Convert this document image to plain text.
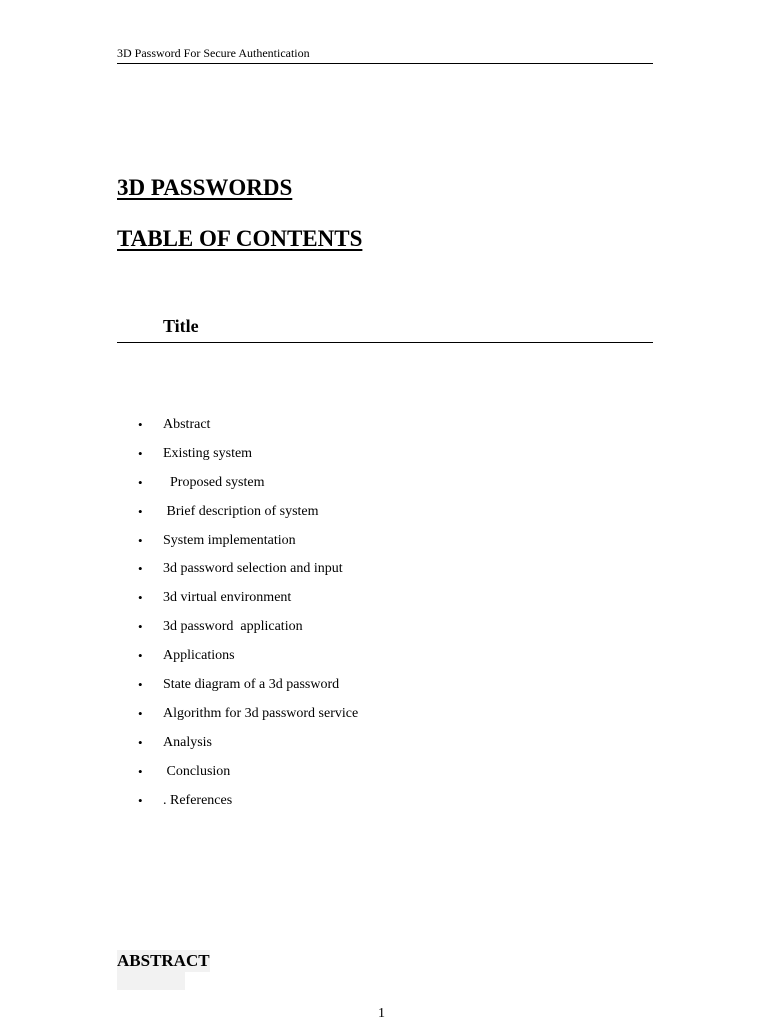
3D Password For Secure Authentication
3D PASSWORDS
TABLE OF CONTENTS
Title

•

Abstract

•

Existing system

•

Proposed system

•

Brief description of system

•

System implementation

•

3d password selection and input

•

3d virtual environment

•

3d password  application

•

Applications

•

State diagram of a 3d password

•

Algorithm for 3d password service

•

Analysis

•

Conclusion

•

. References

ABSTRACT
1
